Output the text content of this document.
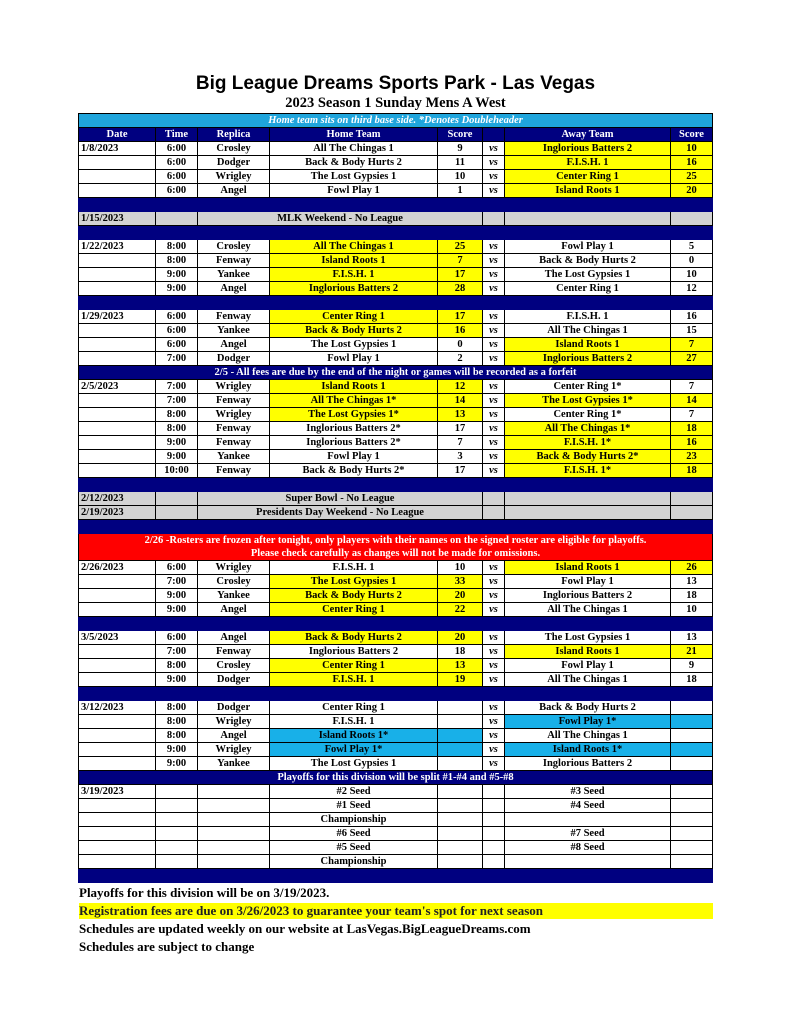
Big League Dreams Sports Park - Las Vegas
2023 Season 1 Sunday Mens A West
Home team sits on third base side. *Denotes Doubleheader							
Date	Time	Replica	Home Team	Score		Away Team	Score
1/8/2023	6:00	Crosley	All The Chingas 1	9	vs	Inglorious Batters 2	10
	6:00	Dodger	Back & Body Hurts 2	11	vs	F.I.S.H. 1	16
	6:00	Wrigley	The Lost Gypsies 1	10	vs	Center Ring 1	25
	6:00	Angel	Fowl Play 1	1	vs	Island Roots 1	20

1/15/2023		MLK Weekend - No League					

1/22/2023	8:00	Crosley	All The Chingas 1	25	vs	Fowl Play 1	5
	8:00	Fenway	Island Roots 1	7	vs	Back & Body Hurts 2	0
	9:00	Yankee	F.I.S.H. 1	17	vs	The Lost Gypsies 1	10
	9:00	Angel	Inglorious Batters 2	28	vs	Center Ring 1	12

1/29/2023	6:00	Fenway	Center Ring 1	17	vs	F.I.S.H. 1	16
	6:00	Yankee	Back & Body Hurts 2	16	vs	All The Chingas 1	15
	6:00	Angel	The Lost Gypsies 1	0	vs	Island Roots 1	7
	7:00	Dodger	Fowl Play 1	2	vs	Inglorious Batters 2	27
2/5 - All fees are due by the end of the night or games will be recorded as a forfeit							
2/5/2023	7:00	Wrigley	Island Roots 1	12	vs	Center Ring 1*	7
	7:00	Fenway	All The Chingas 1*	14	vs	The Lost Gypsies 1*	14
	8:00	Wrigley	The Lost Gypsies 1*	13	vs	Center Ring 1*	7
	8:00	Fenway	Inglorious Batters 2*	17	vs	All The Chingas 1*	18
	9:00	Fenway	Inglorious Batters 2*	7	vs	F.I.S.H. 1*	16
	9:00	Yankee	Fowl Play 1	3	vs	Back & Body Hurts 2*	23
	10:00	Fenway	Back & Body Hurts 2*	17	vs	F.I.S.H. 1*	18

2/12/2023		Super Bowl - No League					
2/19/2023		Presidents Day Weekend - No League					

2/26 -Rosters are frozen after tonight, only players with their names on the signed roster are eligible for playoffs.
Please check carefully as changes will not be made for omissions.							

2/26/2023	6:00	Wrigley	F.I.S.H. 1	10	vs	Island Roots 1	26
	7:00	Crosley	The Lost Gypsies 1	33	vs	Fowl Play 1	13
	9:00	Yankee	Back & Body Hurts 2	20	vs	Inglorious Batters 2	18
	9:00	Angel	Center Ring 1	22	vs	All The Chingas 1	10

3/5/2023	6:00	Angel	Back & Body Hurts 2	20	vs	The Lost Gypsies 1	13
	7:00	Fenway	Inglorious Batters 2	18	vs	Island Roots 1	21
	8:00	Crosley	Center Ring 1	13	vs	Fowl Play 1	9
	9:00	Dodger	F.I.S.H. 1	19	vs	All The Chingas 1	18

3/12/2023	8:00	Dodger	Center Ring 1		vs	Back & Body Hurts 2	
	8:00	Wrigley	F.I.S.H. 1		vs	Fowl Play 1*	
	8:00	Angel	Island Roots 1*		vs	All The Chingas 1	
	9:00	Wrigley	Fowl Play 1*		vs	Island Roots 1*	
	9:00	Yankee	The Lost Gypsies 1		vs	Inglorious Batters 2	
Playoffs for this division will be split #1-#4 and #5-#8							
3/19/2023			#2 Seed			#3 Seed	
			#1 Seed			#4 Seed	
			Championship				
			#6 Seed			#7 Seed	
			#5 Seed			#8 Seed	
			Championship				

Playoffs for this division will be on 3/19/2023.
Registration fees are due on 3/26/2023 to guarantee your team's spot for next season
Schedules are updated weekly on our website at LasVegas.BigLeagueDreams.com
Schedules are subject to change
